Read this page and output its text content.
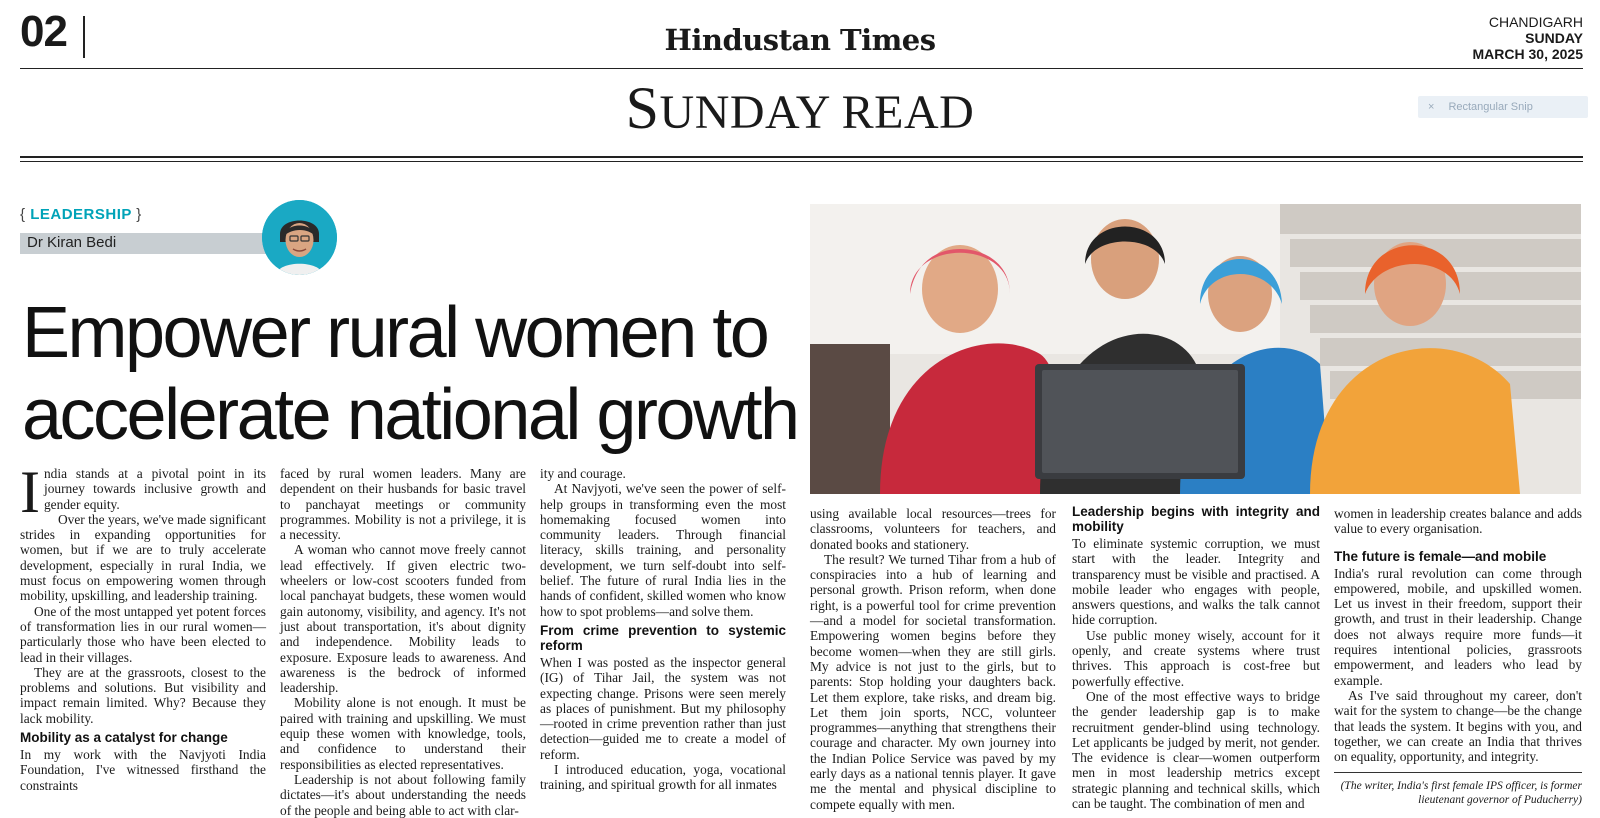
02	Hindustan Times
CHANDIGARH
SUNDAY
MARCH 30, 2025
SUNDAY READ	× Rectangular Snip
{ LEADERSHIP }
Dr Kiran Bedi
Empower rural women to
accelerate national growth

India stands at a pivotal point in its journey towards inclusive growth and gender equity.

Over the years, we've made significant strides in expanding opportunities for women, but if we are to truly accelerate development, especially in rural India, we must focus on empowering women through mobility, upskilling, and leadership training.

One of the most untapped yet potent forces of transformation lies in our rural women—particularly those who have been elected to lead in their villages.

They are at the grassroots, closest to the problems and solutions. But visibility and impact remain limited. Why? Because they lack mobility.

Mobility as a catalyst for change

In my work with the Navjyoti India Foundation, I've witnessed firsthand the constraints

faced by rural women leaders. Many are dependent on their husbands for basic travel to panchayat meetings or community programmes. Mobility is not a privilege, it is a necessity.

A woman who cannot move freely cannot lead effectively. If given electric two-wheelers or low-cost scooters funded from local panchayat budgets, these women would gain autonomy, visibility, and agency. It's not just about transportation, it's about dignity and independence. Mobility leads to exposure. Exposure leads to awareness. And awareness is the bedrock of informed leadership.

Mobility alone is not enough. It must be paired with training and upskilling. We must equip these women with knowledge, tools, and confidence to understand their responsibilities as elected representatives.

Leadership is not about following family dictates—it's about understanding the needs of the people and being able to act with clar-

ity and courage.

At Navjyoti, we've seen the power of self-help groups in transforming even the most homemaking focused women into community leaders. Through financial literacy, skills training, and personality development, we turn self-doubt into self-belief. The future of rural India lies in the hands of confident, skilled women who know how to spot problems—and solve them.

From crime prevention to systemic reform

When I was posted as the inspector general (IG) of Tihar Jail, the system was not expecting change. Prisons were seen merely as places of punishment. But my philosophy—rooted in crime prevention rather than just detection—guided me to create a model of reform.

I introduced education, yoga, vocational training, and spiritual growth for all inmates

using available local resources—trees for classrooms, volunteers for teachers, and donated books and stationery.

The result? We turned Tihar from a hub of conspiracies into a hub of learning and personal growth. Prison reform, when done right, is a powerful tool for crime prevention—and a model for societal transformation. Empowering women begins before they become women—when they are still girls. My advice is not just to the girls, but to parents: Stop holding your daughters back. Let them explore, take risks, and dream big. Let them join sports, NCC, volunteer programmes—anything that strengthens their courage and character. My own journey into the Indian Police Service was paved by my early days as a national tennis player. It gave me the mental and physical discipline to compete equally with men.

Leadership begins with integrity and mobility

To eliminate systemic corruption, we must start with the leader. Integrity and transparency must be visible and practised. A mobile leader who engages with people, answers questions, and walks the talk cannot hide corruption.

Use public money wisely, account for it openly, and create systems where trust thrives. This approach is cost-free but powerfully effective.

One of the most effective ways to bridge the gender leadership gap is to make recruitment gender-blind using technology. Let applicants be judged by merit, not gender. The evidence is clear—women outperform men in most leadership metrics except strategic planning and technical skills, which can be taught. The combination of men and

women in leadership creates balance and adds value to every organisation.

The future is female—and mobile

India's rural revolution can come through empowered, mobile, and upskilled women. Let us invest in their freedom, support their growth, and trust in their leadership. Change does not always require more funds—it requires intentional policies, grassroots empowerment, and leaders who lead by example.

As I've said throughout my career, don't wait for the system to change—be the change that leads the system. It begins with you, and together, we can create an India that thrives on equality, opportunity, and integrity.

(The writer, India's first female IPS officer, is former lieutenant governor of Puducherry)
